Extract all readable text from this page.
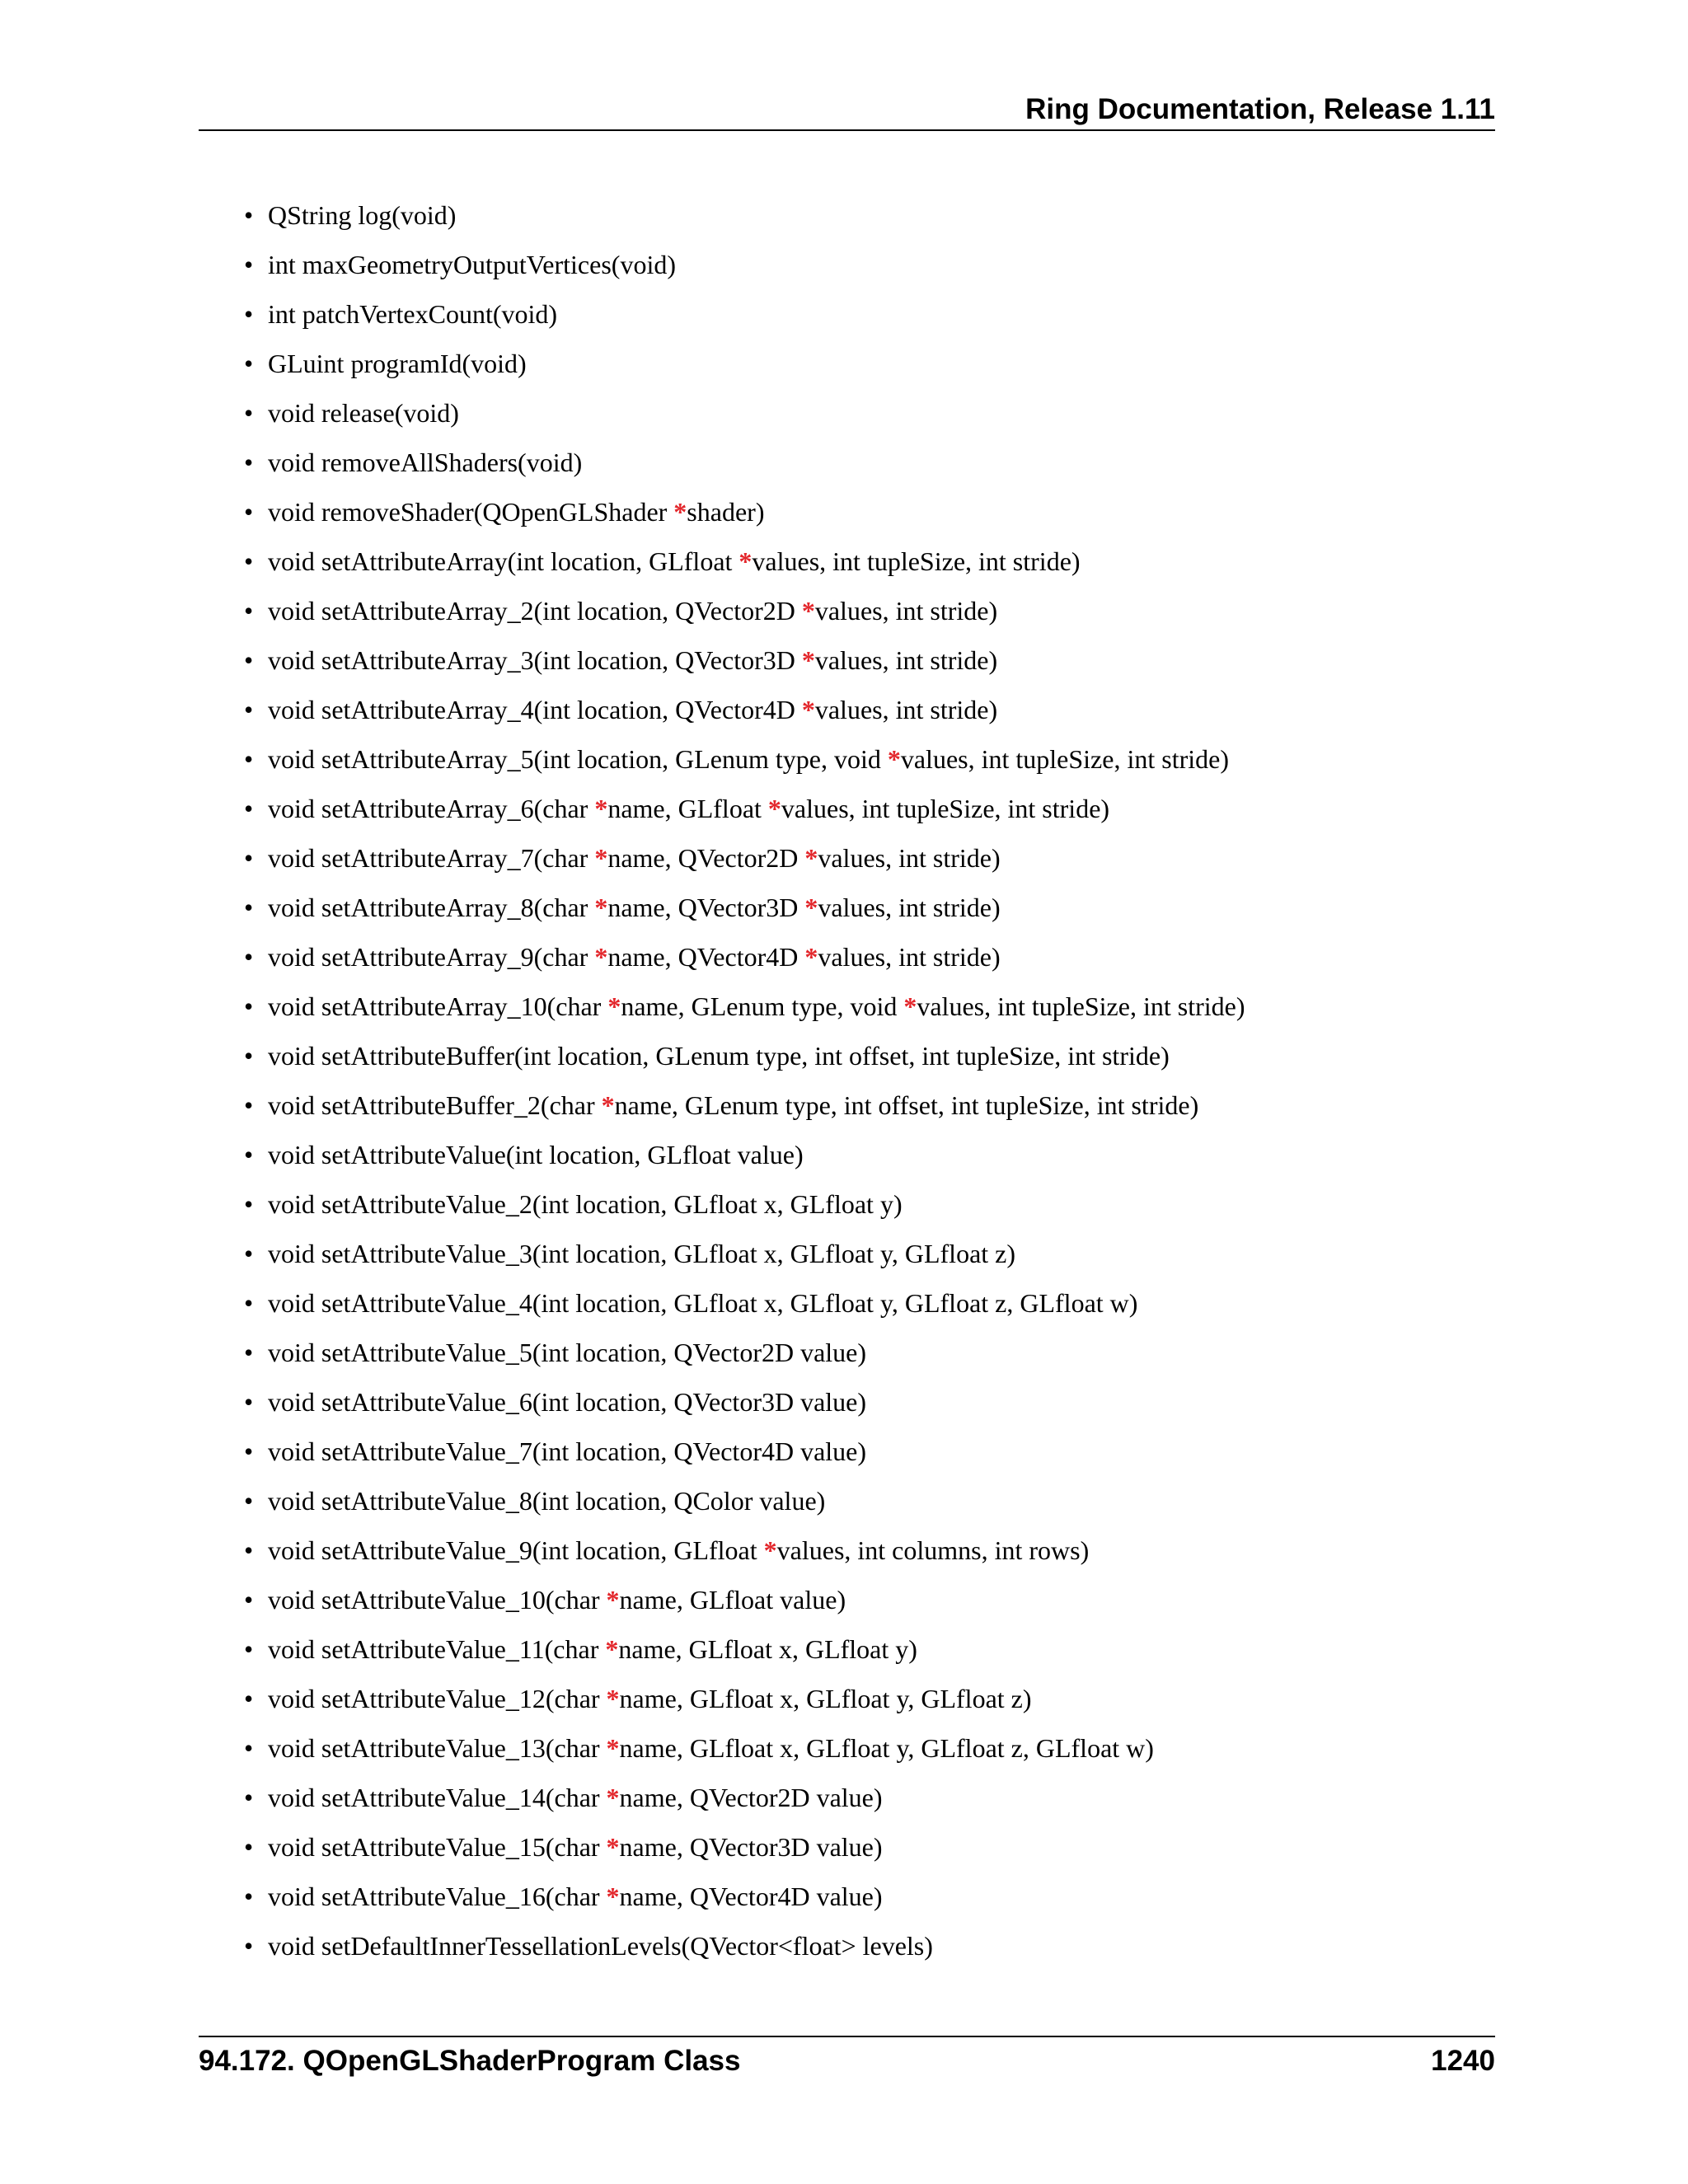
Ring Documentation, Release 1.11
• QString log(void)
• int maxGeometryOutputVertices(void)
• int patchVertexCount(void)
• GLuint programId(void)
• void release(void)
• void removeAllShaders(void)
• void removeShader(QOpenGLShader *shader)
• void setAttributeArray(int location, GLfloat *values, int tupleSize, int stride)
• void setAttributeArray_2(int location, QVector2D *values, int stride)
• void setAttributeArray_3(int location, QVector3D *values, int stride)
• void setAttributeArray_4(int location, QVector4D *values, int stride)
• void setAttributeArray_5(int location, GLenum type, void *values, int tupleSize, int stride)
• void setAttributeArray_6(char *name, GLfloat *values, int tupleSize, int stride)
• void setAttributeArray_7(char *name, QVector2D *values, int stride)
• void setAttributeArray_8(char *name, QVector3D *values, int stride)
• void setAttributeArray_9(char *name, QVector4D *values, int stride)
• void setAttributeArray_10(char *name, GLenum type, void *values, int tupleSize, int stride)
• void setAttributeBuffer(int location, GLenum type, int offset, int tupleSize, int stride)
• void setAttributeBuffer_2(char *name, GLenum type, int offset, int tupleSize, int stride)
• void setAttributeValue(int location, GLfloat value)
• void setAttributeValue_2(int location, GLfloat x, GLfloat y)
• void setAttributeValue_3(int location, GLfloat x, GLfloat y, GLfloat z)
• void setAttributeValue_4(int location, GLfloat x, GLfloat y, GLfloat z, GLfloat w)
• void setAttributeValue_5(int location, QVector2D value)
• void setAttributeValue_6(int location, QVector3D value)
• void setAttributeValue_7(int location, QVector4D value)
• void setAttributeValue_8(int location, QColor value)
• void setAttributeValue_9(int location, GLfloat *values, int columns, int rows)
• void setAttributeValue_10(char *name, GLfloat value)
• void setAttributeValue_11(char *name, GLfloat x, GLfloat y)
• void setAttributeValue_12(char *name, GLfloat x, GLfloat y, GLfloat z)
• void setAttributeValue_13(char *name, GLfloat x, GLfloat y, GLfloat z, GLfloat w)
• void setAttributeValue_14(char *name, QVector2D value)
• void setAttributeValue_15(char *name, QVector3D value)
• void setAttributeValue_16(char *name, QVector4D value)
• void setDefaultInnerTessellationLevels(QVector<float> levels)
94.172. QOpenGLShaderProgram Class	1240
